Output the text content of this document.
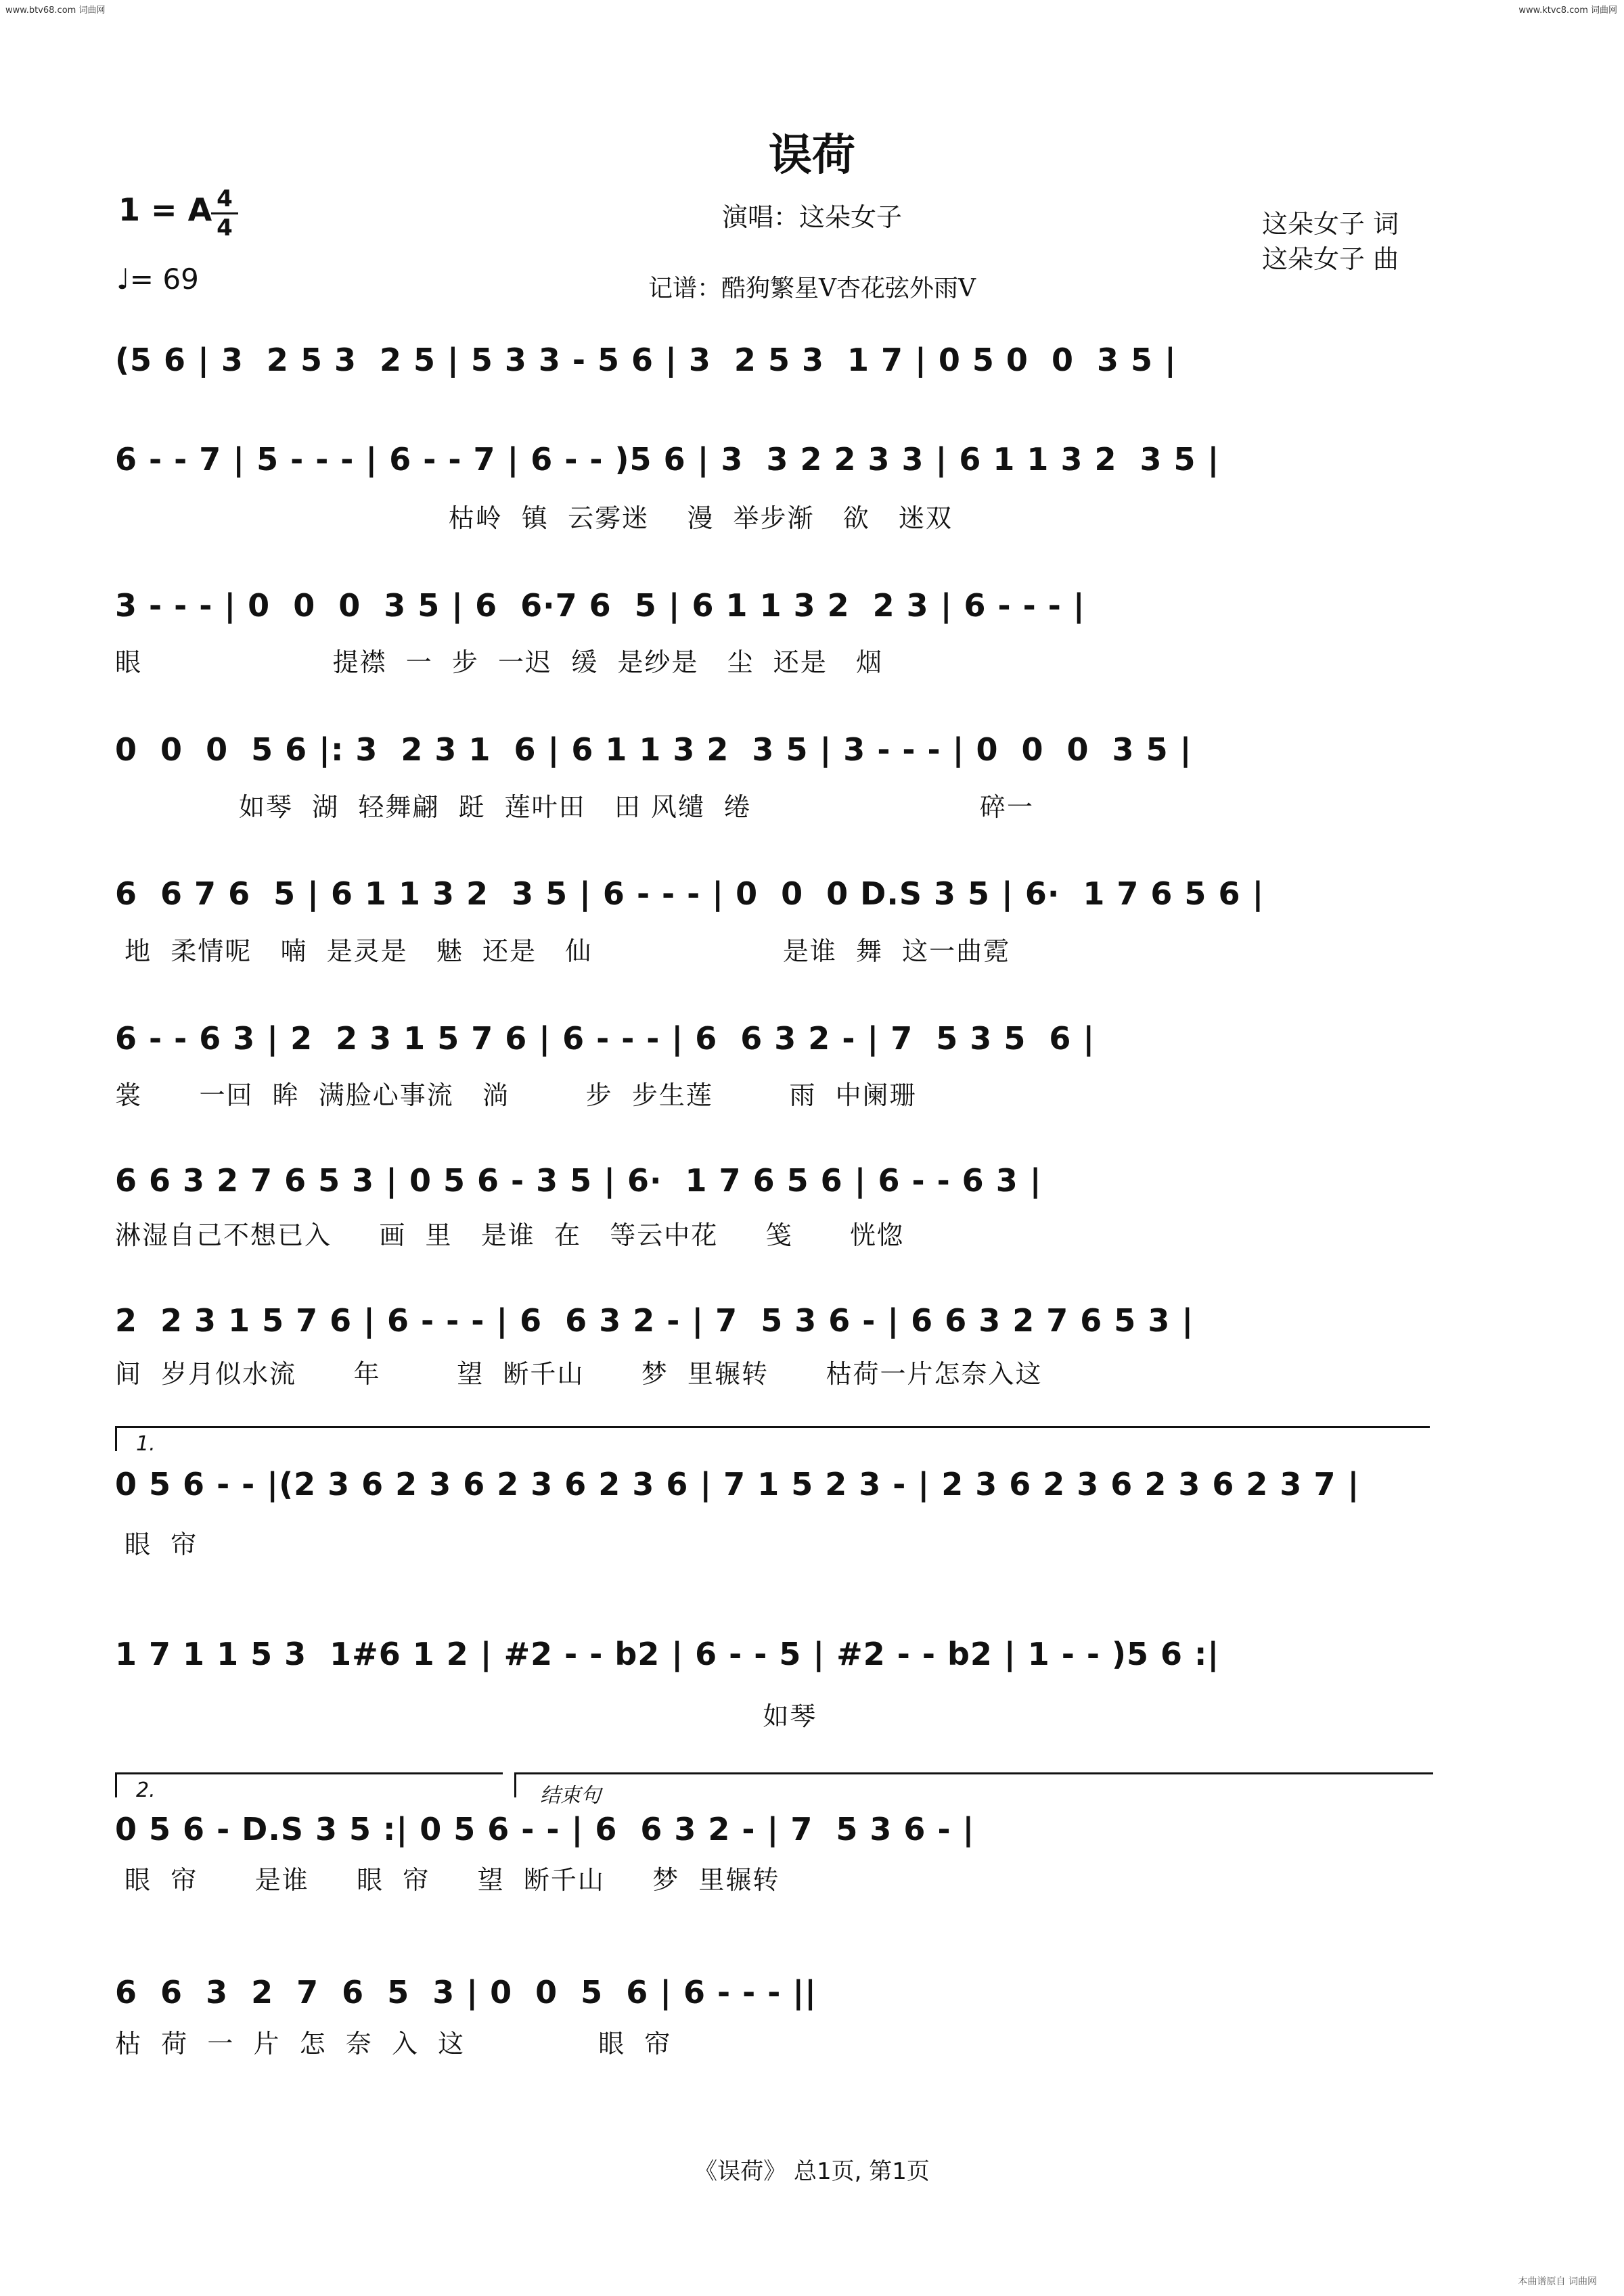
www.btv68.com 词曲网	www.ktvc8.com 词曲网
误荷
1 = A 4
4
♩= 69
演唱：这朵女子	这朵女子 词
这朵女子 曲
记谱：酷狗繁星V杏花弦外雨V
(5 6 | 3  2 5 3  2 5 | 5 3 3 - 5 6 | 3  2 5 3  1 7 | 0 5 0  0  3 5 |
6 - - 7 | 5 - - - | 6 - - 7 | 6 - - )5 6 | 3  3 2 2 3 3 | 6 1 1 3 2  3 5 |
枯岭  镇  云雾迷    漫  举步渐   欲   迷双
3 - - - | 0  0  0  3 5 | 6  6·7 6  5 | 6 1 1 3 2  2 3 | 6 - - - |
眼                    提襟  一  步  一迟  缓  是纱是   尘  还是   烟
0  0  0  5 6 |: 3  2 3 1  6 | 6 1 1 3 2  3 5 | 3 - - - | 0  0  0  3 5 |
如琴  湖  轻舞翩  跹  莲叶田   田 风缱  绻                        碎一
6  6 7 6  5 | 6 1 1 3 2  3 5 | 6 - - - | 0  0  0 D.S 3 5 | 6·  1 7 6 5 6 |
地  柔情呢   喃  是灵是   魅  还是   仙                    是谁  舞  这一曲霓
6 - - 6 3 | 2  2 3 1 5 7 6 | 6 - - - | 6  6 3 2 - | 7  5 3 5  6 |
裳      一回  眸  满脸心事流   淌        步  步生莲        雨  中阑珊
6 6 3 2 7 6 5 3 | 0 5 6 - 3 5 | 6·  1 7 6 5 6 | 6 - - 6 3 |
淋湿自己不想已入     画  里   是谁  在   等云中花     笺      恍惚
2  2 3 1 5 7 6 | 6 - - - | 6  6 3 2 - | 7  5 3 6 - | 6 6 3 2 7 6 5 3 |
间  岁月似水流      年        望  断千山      梦  里辗转      枯荷一片怎奈入这
1.
0 5 6 - - |(2 3 6 2 3 6 2 3 6 2 3 6 | 7 1 5 2 3 - | 2 3 6 2 3 6 2 3 6 2 3 7 |
眼  帘
1 7 1 1 5 3  1#6 1 2 | #2 - - b2 | 6 - - 5 | #2 - - b2 | 1 - - )5 6 :|
如琴
2.	结束句
0 5 6 - D.S 3 5 :| 0 5 6 - - | 6  6 3 2 - | 7  5 3 6 - |
眼  帘      是谁     眼  帘     望  断千山     梦  里辗转
6  6  3  2  7  6  5  3 | 0  0  5  6 | 6 - - - ||
枯  荷  一  片  怎  奈  入  这              眼  帘
《误荷》 总1页, 第1页
本曲谱原自 词曲网
